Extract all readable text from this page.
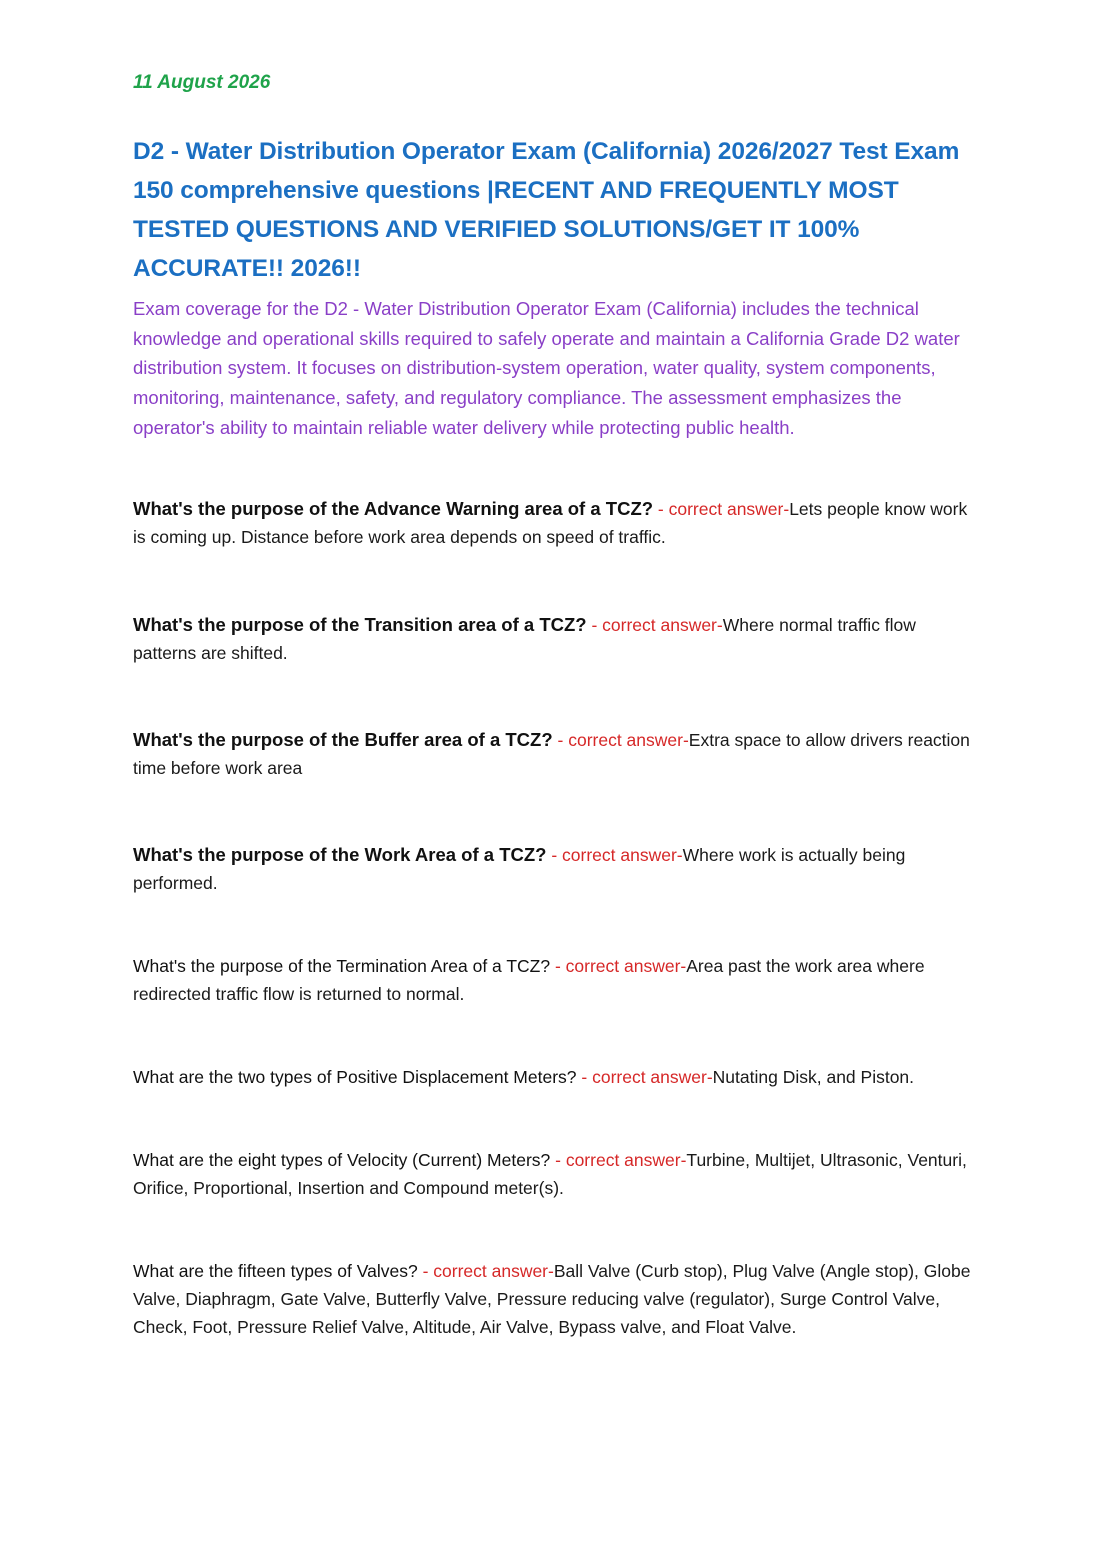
11 August 2026

D2 - Water Distribution Operator Exam (California) 2026/2027 Test Exam 150 comprehensive questions |RECENT AND FREQUENTLY MOST TESTED QUESTIONS AND VERIFIED SOLUTIONS/GET IT 100% ACCURATE!! 2026!!

Exam coverage for the D2 - Water Distribution Operator Exam (California) includes the technical knowledge and operational skills required to safely operate and maintain a California Grade D2 water distribution system. It focuses on distribution-system operation, water quality, system components, monitoring, maintenance, safety, and regulatory compliance. The assessment emphasizes the operator's ability to maintain reliable water delivery while protecting public health.

What's the purpose of the Advance Warning area of a TCZ? - correct answer-Lets people know work is coming up. Distance before work area depends on speed of traffic.

What's the purpose of the Transition area of a TCZ? - correct answer-Where normal traffic flow patterns are shifted.

What's the purpose of the Buffer area of a TCZ? - correct answer-Extra space to allow drivers reaction time before work area

What's the purpose of the Work Area of a TCZ? - correct answer-Where work is actually being performed.

What's the purpose of the Termination Area of a TCZ? - correct answer-Area past the work area where redirected traffic flow is returned to normal.

What are the two types of Positive Displacement Meters? - correct answer-Nutating Disk, and Piston.

What are the eight types of Velocity (Current) Meters? - correct answer-Turbine, Multijet, Ultrasonic, Venturi, Orifice, Proportional, Insertion and Compound meter(s).

What are the fifteen types of Valves? - correct answer-Ball Valve (Curb stop), Plug Valve (Angle stop), Globe Valve, Diaphragm, Gate Valve, Butterfly Valve, Pressure reducing valve (regulator), Surge Control Valve, Check, Foot, Pressure Relief Valve, Altitude, Air Valve, Bypass valve, and Float Valve.
